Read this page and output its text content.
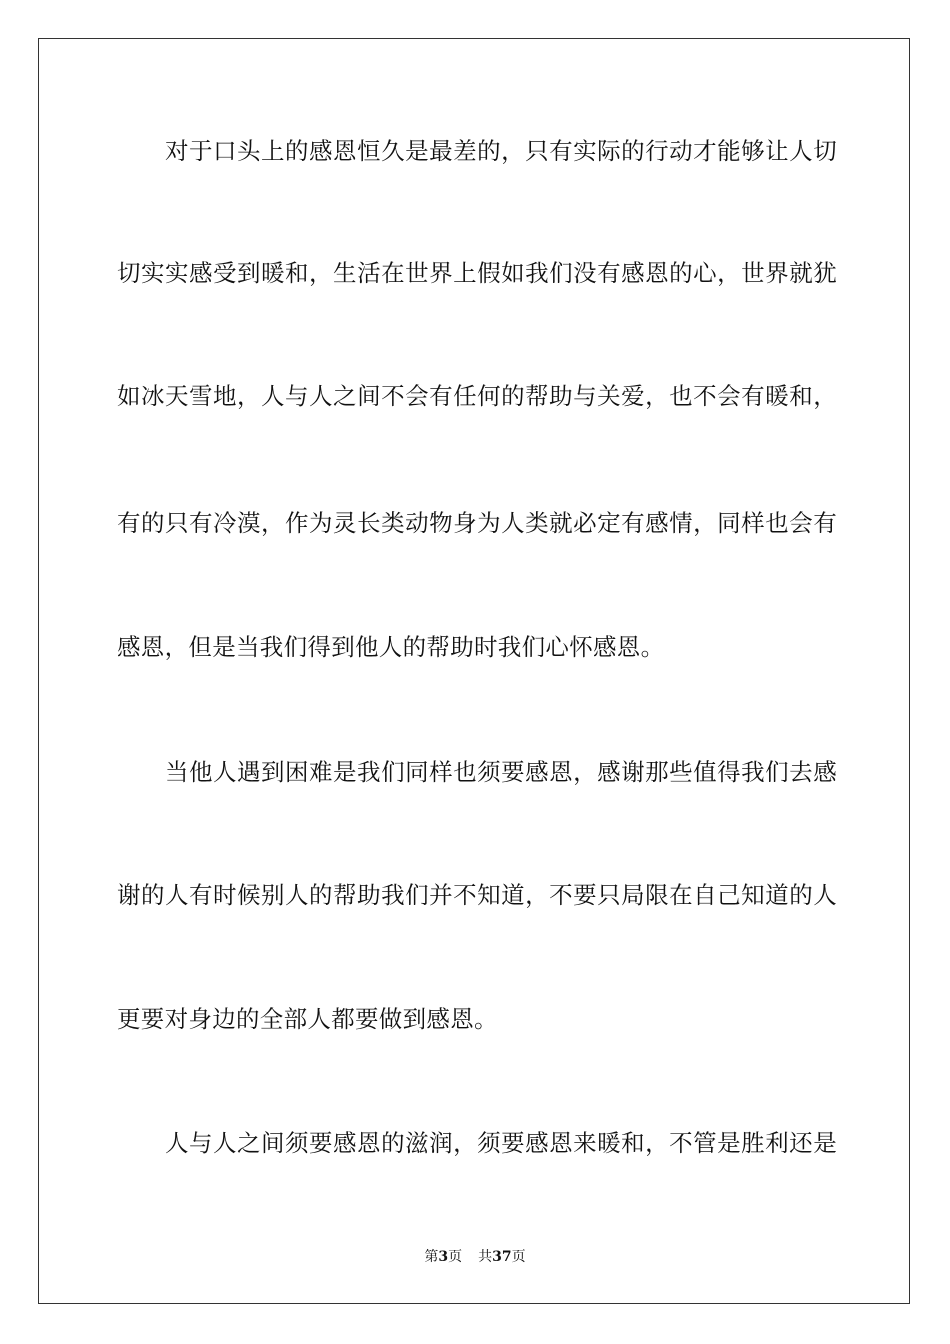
对于口头上的感恩恒久是最差的，只有实际的行动才能够让人切
切实实感受到暖和，生活在世界上假如我们没有感恩的心，世界就犹
如冰天雪地，人与人之间不会有任何的帮助与关爱，也不会有暖和，
有的只有冷漠，作为灵长类动物身为人类就必定有感情，同样也会有
感恩，但是当我们得到他人的帮助时我们心怀感恩。
当他人遇到困难是我们同样也须要感恩，感谢那些值得我们去感
谢的人有时候别人的帮助我们并不知道，不要只局限在自己知道的人
更要对身边的全部人都要做到感恩。
人与人之间须要感恩的滋润，须要感恩来暖和，不管是胜利还是
第3页 共37页
